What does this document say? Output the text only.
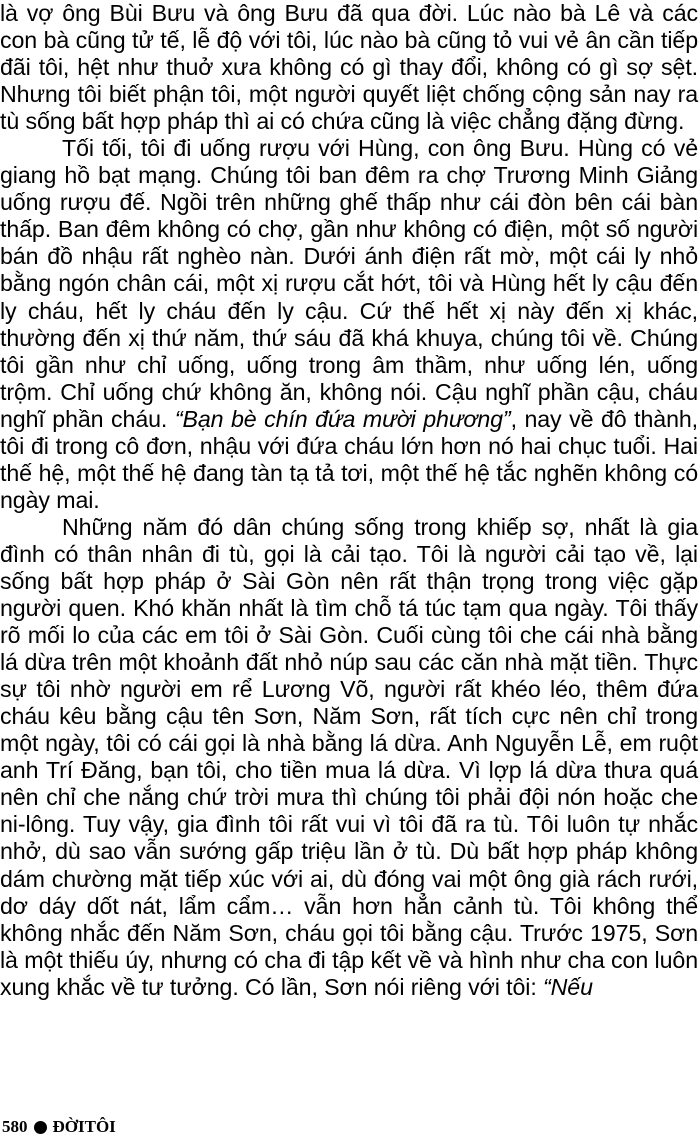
là vợ ông Bùi Bưu và ông Bưu đã qua đời. Lúc nào bà Lê và các con bà cũng tử tế, lễ độ với tôi, lúc nào bà cũng tỏ vui vẻ ân cần tiếp đãi tôi, hệt như thuở xưa không có gì thay đổi, không có gì sợ sệt. Nhưng tôi biết phận tôi, một người quyết liệt chống cộng sản nay ra tù sống bất hợp pháp thì ai có chứa cũng là việc chẳng đặng đừng.

Tối tối, tôi đi uống rượu với Hùng, con ông Bưu. Hùng có vẻ giang hồ bạt mạng. Chúng tôi ban đêm ra chợ Trương Minh Giảng uống rượu đế. Ngồi trên những ghế thấp như cái đòn bên cái bàn thấp. Ban đêm không có chợ, gần như không có điện, một số người bán đồ nhậu rất nghèo nàn. Dưới ánh điện rất mờ, một cái ly nhỏ bằng ngón chân cái, một xị rượu cắt hớt, tôi và Hùng hết ly cậu đến ly cháu, hết ly cháu đến ly cậu. Cứ thế hết xị này đến xị khác, thường đến xị thứ năm, thứ sáu đã khá khuya, chúng tôi về. Chúng tôi gần như chỉ uống, uống trong âm thầm, như uống lén, uống trộm. Chỉ uống chứ không ăn, không nói. Cậu nghĩ phần cậu, cháu nghĩ phần cháu. “Bạn bè chín đứa mười phương”, nay về đô thành, tôi đi trong cô đơn, nhậu với đứa cháu lớn hơn nó hai chục tuổi. Hai thế hệ, một thế hệ đang tàn tạ tả tơi, một thế hệ tắc nghẽn không có ngày mai.

Những năm đó dân chúng sống trong khiếp sợ, nhất là gia đình có thân nhân đi tù, gọi là cải tạo. Tôi là người cải tạo về, lại sống bất hợp pháp ở Sài Gòn nên rất thận trọng trong việc gặp người quen. Khó khăn nhất là tìm chỗ tá túc tạm qua ngày. Tôi thấy rõ mối lo của các em tôi ở Sài Gòn. Cuối cùng tôi che cái nhà bằng lá dừa trên một khoảnh đất nhỏ núp sau các căn nhà mặt tiền. Thực sự tôi nhờ người em rể Lương Võ, người rất khéo léo, thêm đứa cháu kêu bằng cậu tên Sơn, Năm Sơn, rất tích cực nên chỉ trong một ngày, tôi có cái gọi là nhà bằng lá dừa. Anh Nguyễn Lễ, em ruột anh Trí Đăng, bạn tôi, cho tiền mua lá dừa. Vì lợp lá dừa thưa quá nên chỉ che nắng chứ trời mưa thì chúng tôi phải đội nón hoặc che ni-lông. Tuy vậy, gia đình tôi rất vui vì tôi đã ra tù. Tôi luôn tự nhắc nhở, dù sao vẫn sướng gấp triệu lần ở tù. Dù bất hợp pháp không dám chường mặt tiếp xúc với ai, dù đóng vai một ông già rách rưới, dơ dáy dốt nát, lẩm cẩm… vẫn hơn hẳn cảnh tù. Tôi không thể không nhắc đến Năm Sơn, cháu gọi tôi bằng cậu. Trước 1975, Sơn là một thiếu úy, nhưng có cha đi tập kết về và hình như cha con luôn xung khắc về tư tưởng. Có lần, Sơn nói riêng với tôi: “Nếu

580 ĐỜITÔI
